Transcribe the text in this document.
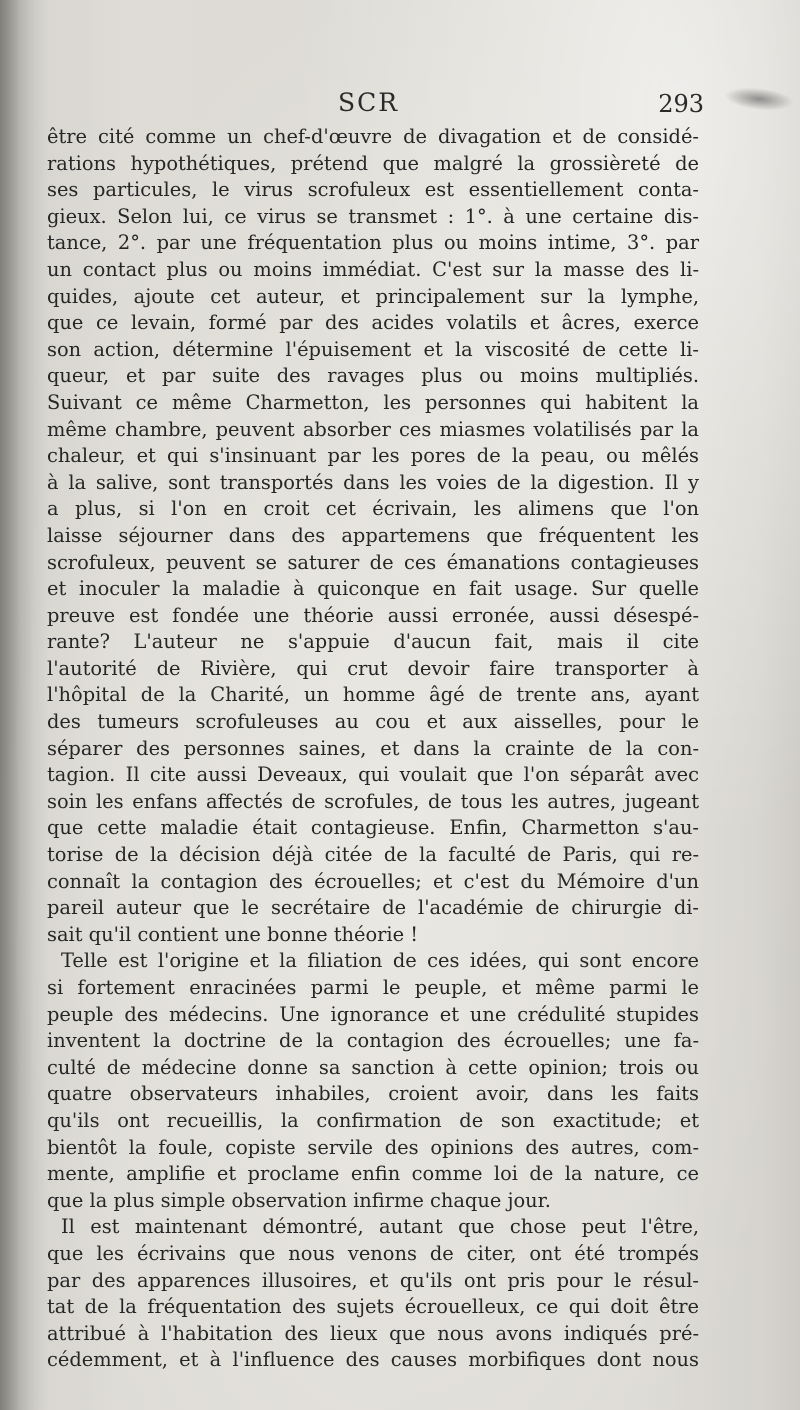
SCR	293
être cité comme un chef-d'œuvre de divagation et de considé-
rations hypothétiques, prétend que malgré la grossièreté de
ses particules, le virus scrofuleux est essentiellement conta-
gieux. Selon lui, ce virus se transmet : 1°. à une certaine dis-
tance, 2°. par une fréquentation plus ou moins intime, 3°. par
un contact plus ou moins immédiat. C'est sur la masse des li-
quides, ajoute cet auteur, et principalement sur la lymphe,
que ce levain, formé par des acides volatils et âcres, exerce
son action, détermine l'épuisement et la viscosité de cette li-
queur, et par suite des ravages plus ou moins multipliés.
Suivant ce même Charmetton, les personnes qui habitent la
même chambre, peuvent absorber ces miasmes volatilisés par la
chaleur, et qui s'insinuant par les pores de la peau, ou mêlés
à la salive, sont transportés dans les voies de la digestion. Il y
a plus, si l'on en croit cet écrivain, les alimens que l'on
laisse séjourner dans des appartemens que fréquentent les
scrofuleux, peuvent se saturer de ces émanations contagieuses
et inoculer la maladie à quiconque en fait usage. Sur quelle
preuve est fondée une théorie aussi erronée, aussi désespé-
rante? L'auteur ne s'appuie d'aucun fait, mais il cite
l'autorité de Rivière, qui crut devoir faire transporter à
l'hôpital de la Charité, un homme âgé de trente ans, ayant
des tumeurs scrofuleuses au cou et aux aisselles, pour le
séparer des personnes saines, et dans la crainte de la con-
tagion. Il cite aussi Deveaux, qui voulait que l'on séparât avec
soin les enfans affectés de scrofules, de tous les autres, jugeant
que cette maladie était contagieuse. Enfin, Charmetton s'au-
torise de la décision déjà citée de la faculté de Paris, qui re-
connaît la contagion des écrouelles; et c'est du Mémoire d'un
pareil auteur que le secrétaire de l'académie de chirurgie di-
sait qu'il contient une bonne théorie !
Telle est l'origine et la filiation de ces idées, qui sont encore
si fortement enracinées parmi le peuple, et même parmi le
peuple des médecins. Une ignorance et une crédulité stupides
inventent la doctrine de la contagion des écrouelles; une fa-
culté de médecine donne sa sanction à cette opinion; trois ou
quatre observateurs inhabiles, croient avoir, dans les faits
qu'ils ont recueillis, la confirmation de son exactitude; et
bientôt la foule, copiste servile des opinions des autres, com-
mente, amplifie et proclame enfin comme loi de la nature, ce
que la plus simple observation infirme chaque jour.
Il est maintenant démontré, autant que chose peut l'être,
que les écrivains que nous venons de citer, ont été trompés
par des apparences illusoires, et qu'ils ont pris pour le résul-
tat de la fréquentation des sujets écrouelleux, ce qui doit être
attribué à l'habitation des lieux que nous avons indiqués pré-
cédemment, et à l'influence des causes morbifiques dont nous
